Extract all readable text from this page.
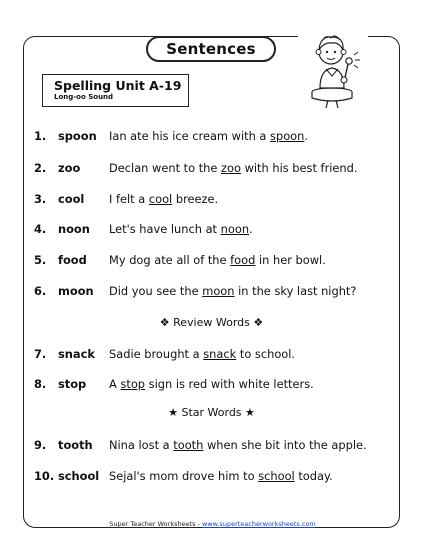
Sentences
Spelling Unit A-19
Long-oo Sound
1. spoon Ian ate his ice cream with a spoon.
2. zoo	Declan went to the zoo with his best friend.
3. cool I felt a cool breeze.
4. noon Let's have lunch at noon.
5. food My dog ate all of the food in her bowl.
6. moon Did you see the moon in the sky last night?
❖ Review Words ❖
7. snack Sadie brought a snack to school.
8. stop A stop sign is red with white letters.
★ Star Words ★
9. tooth Nina lost a tooth when she bit into the apple.
10. school Sejal's mom drove him to school today.
Super Teacher Worksheets - www.superteacherworksheets.com
